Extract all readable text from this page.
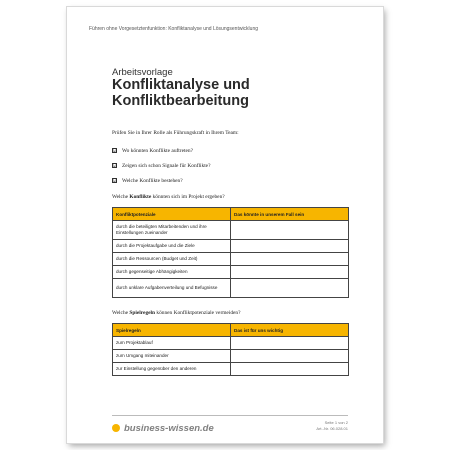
Führen ohne Vorgesetztenfunktion: Konfliktanalyse und Lösungsentwicklung
Arbeitsvorlage
Konfliktanalyse und
Konfliktbearbeitung
Prüfen Sie in Ihrer Rolle als Führungskraft in Ihrem Team:
☑ Wo könnten Konflikte auftreten?
☑ Zeigen sich schon Signale für Konflikte?
☑ Welche Konflikte bestehen?
Welche Konflikte könnten sich im Projekt ergeben?
Konfliktpotenziale	Das könnte in unserem Fall sein
durch die beteiligten Mitarbeitenden und ihre Einstellungen zueinander	
durch die Projektaufgabe und die Ziele	
durch die Ressourcen (Budget und Zeit)	
durch gegenseitige Abhängigkeiten	
durch unklare Aufgabenverteilung und Befugnisse	
Welche Spielregeln können Konfliktpotenziale vermeiden?
Spielregeln	Das ist für uns wichtig
zum Projektablauf	
zum Umgang miteinander	
zur Einstellung gegenüber den anderen	
business-wissen.de
Seite 1 von 2
Art.-Nr. 06.028.01
